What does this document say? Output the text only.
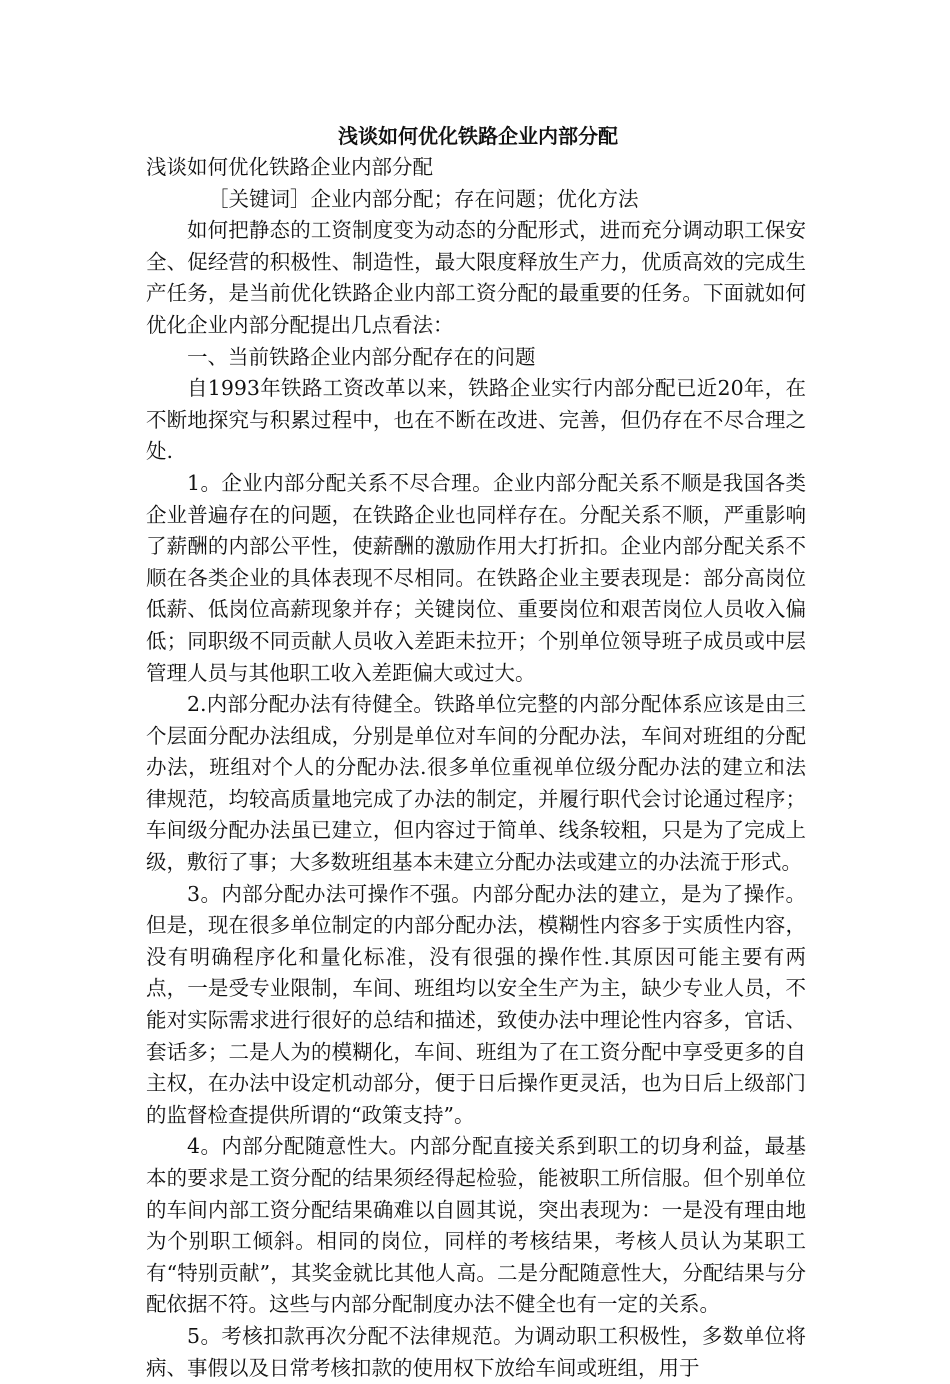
浅谈如何优化铁路企业内部分配

浅谈如何优化铁路企业内部分配

［关键词］企业内部分配；存在问题；优化方法

如何把静态的工资制度变为动态的分配形式，进而充分调动职工保安全、促经营的积极性、制造性，最大限度释放生产力，优质高效的完成生产任务，是当前优化铁路企业内部工资分配的最重要的任务。下面就如何优化企业内部分配提出几点看法：

一、当前铁路企业内部分配存在的问题

自1993年铁路工资改革以来，铁路企业实行内部分配已近20年，在不断地探究与积累过程中，也在不断在改进、完善，但仍存在不尽合理之处.

1。企业内部分配关系不尽合理。企业内部分配关系不顺是我国各类企业普遍存在的问题，在铁路企业也同样存在。分配关系不顺，严重影响了薪酬的内部公平性，使薪酬的激励作用大打折扣。企业内部分配关系不顺在各类企业的具体表现不尽相同。在铁路企业主要表现是：部分高岗位低薪、低岗位高薪现象并存；关键岗位、重要岗位和艰苦岗位人员收入偏低；同职级不同贡献人员收入差距未拉开；个别单位领导班子成员或中层管理人员与其他职工收入差距偏大或过大。

2.内部分配办法有待健全。铁路单位完整的内部分配体系应该是由三个层面分配办法组成，分别是单位对车间的分配办法，车间对班组的分配办法，班组对个人的分配办法.很多单位重视单位级分配办法的建立和法律规范，均较高质量地完成了办法的制定，并履行职代会讨论通过程序；车间级分配办法虽已建立，但内容过于简单、线条较粗，只是为了完成上级，敷衍了事；大多数班组基本未建立分配办法或建立的办法流于形式。

3。内部分配办法可操作不强。内部分配办法的建立，是为了操作。但是，现在很多单位制定的内部分配办法，模糊性内容多于实质性内容，没有明确程序化和量化标准，没有很强的操作性.其原因可能主要有两点，一是受专业限制，车间、班组均以安全生产为主，缺少专业人员，不能对实际需求进行很好的总结和描述，致使办法中理论性内容多，官话、套话多；二是人为的模糊化，车间、班组为了在工资分配中享受更多的自主权，在办法中设定机动部分，便于日后操作更灵活，也为日后上级部门的监督检查提供所谓的“政策支持”。

4。内部分配随意性大。内部分配直接关系到职工的切身利益，最基本的要求是工资分配的结果须经得起检验，能被职工所信服。但个别单位的车间内部工资分配结果确难以自圆其说，突出表现为：一是没有理由地为个别职工倾斜。相同的岗位，同样的考核结果，考核人员认为某职工有“特别贡献”，其奖金就比其他人高。二是分配随意性大，分配结果与分配依据不符。这些与内部分配制度办法不健全也有一定的关系。

5。考核扣款再次分配不法律规范。为调动职工积极性，多数单位将病、事假以及日常考核扣款的使用权下放给车间或班组，用于
